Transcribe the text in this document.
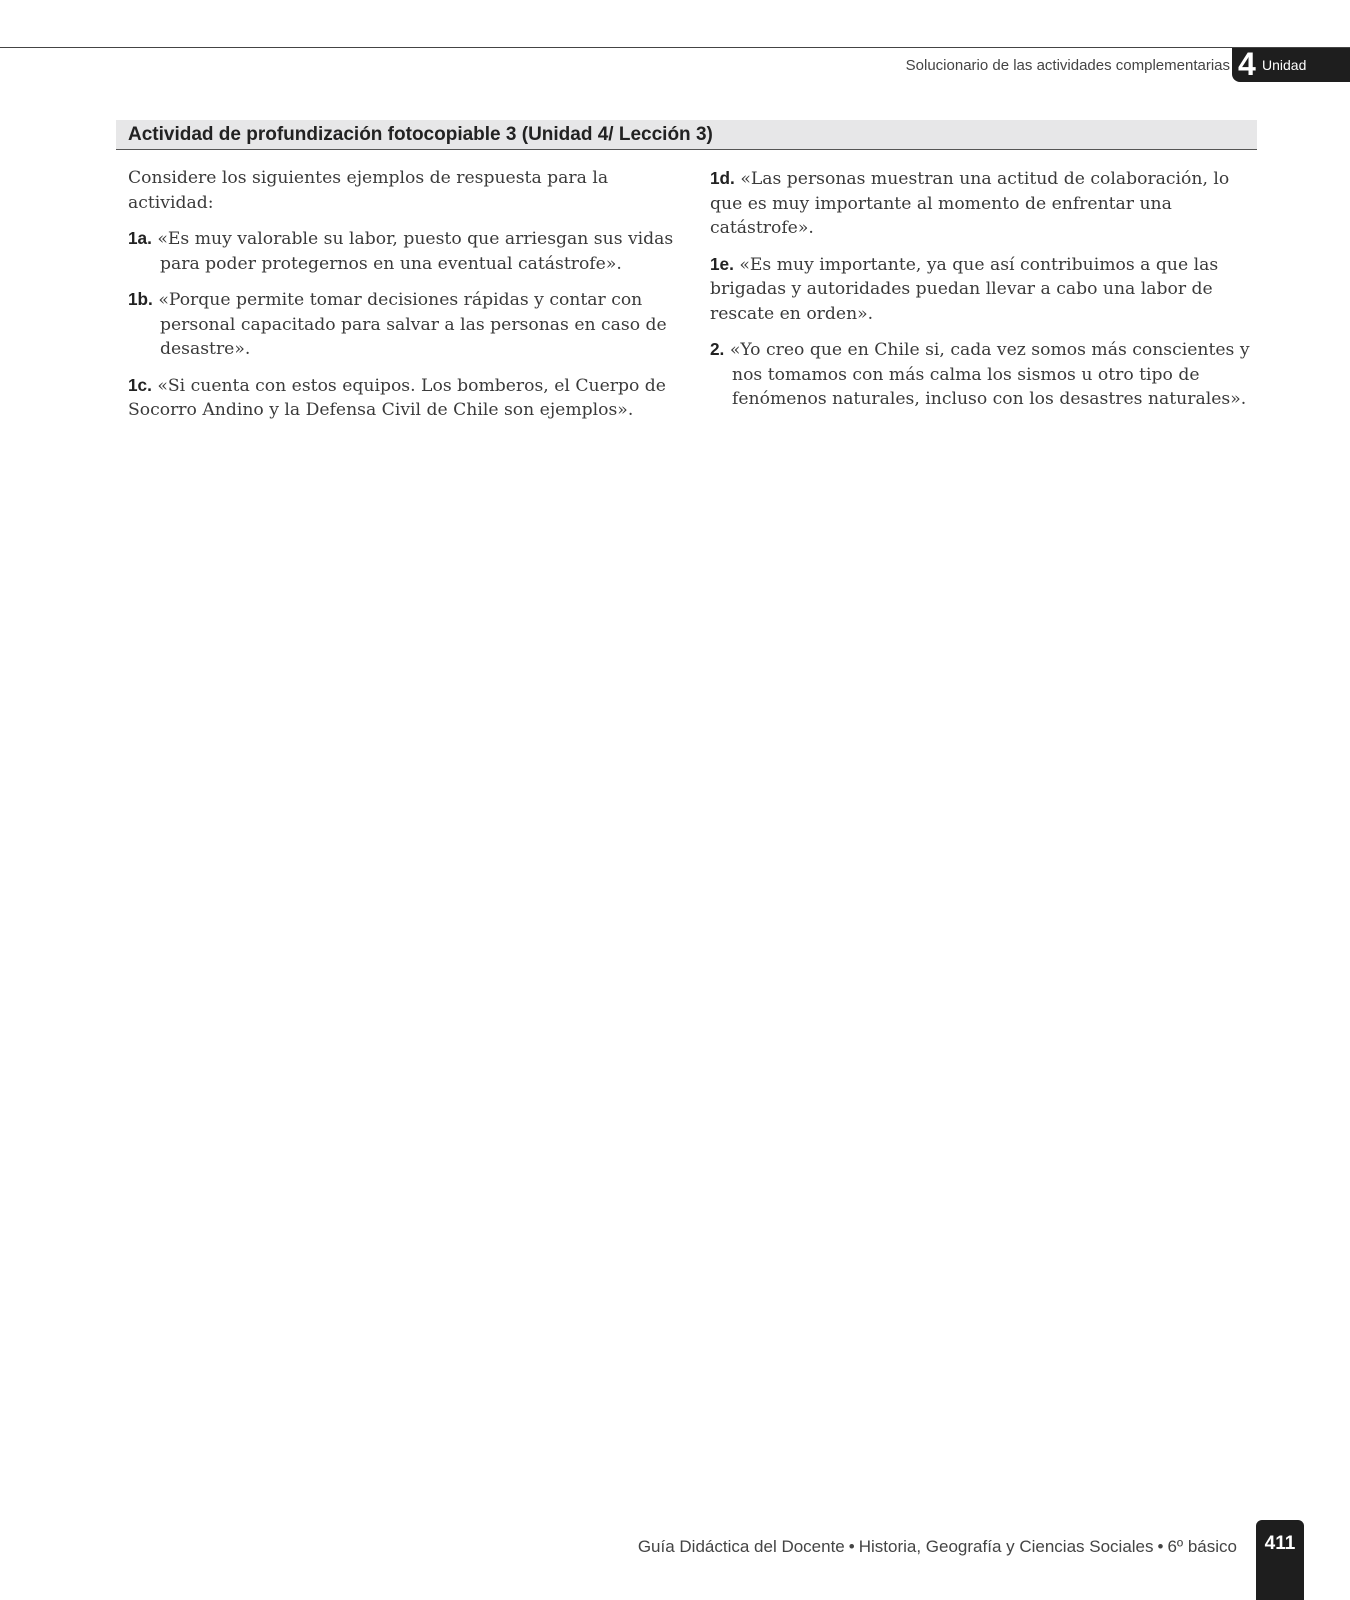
Solucionario de las actividades complementarias 4 Unidad
Actividad de profundización fotocopiable 3 (Unidad 4/ Lección 3)

Considere los siguientes ejemplos de respuesta para la actividad:

1a. «Es muy valorable su labor, puesto que arriesgan sus vidas para poder protegernos en una eventual catástrofe».

1b. «Porque permite tomar decisiones rápidas y contar con personal capacitado para salvar a las personas en caso de desastre».

1c. «Si cuenta con estos equipos. Los bomberos, el Cuerpo de Socorro Andino y la Defensa Civil de Chile son ejemplos».

1d. «Las personas muestran una actitud de colaboración, lo que es muy importante al momento de enfrentar una catástrofe».

1e. «Es muy importante, ya que así contribuimos a que las brigadas y autoridades puedan llevar a cabo una labor de rescate en orden».

2. «Yo creo que en Chile si, cada vez somos más conscientes y nos tomamos con más calma los sismos u otro tipo de fenómenos naturales, incluso con los desastres naturales».

Guía Didáctica del Docente • Historia, Geografía y Ciencias Sociales • 6º básico	411
